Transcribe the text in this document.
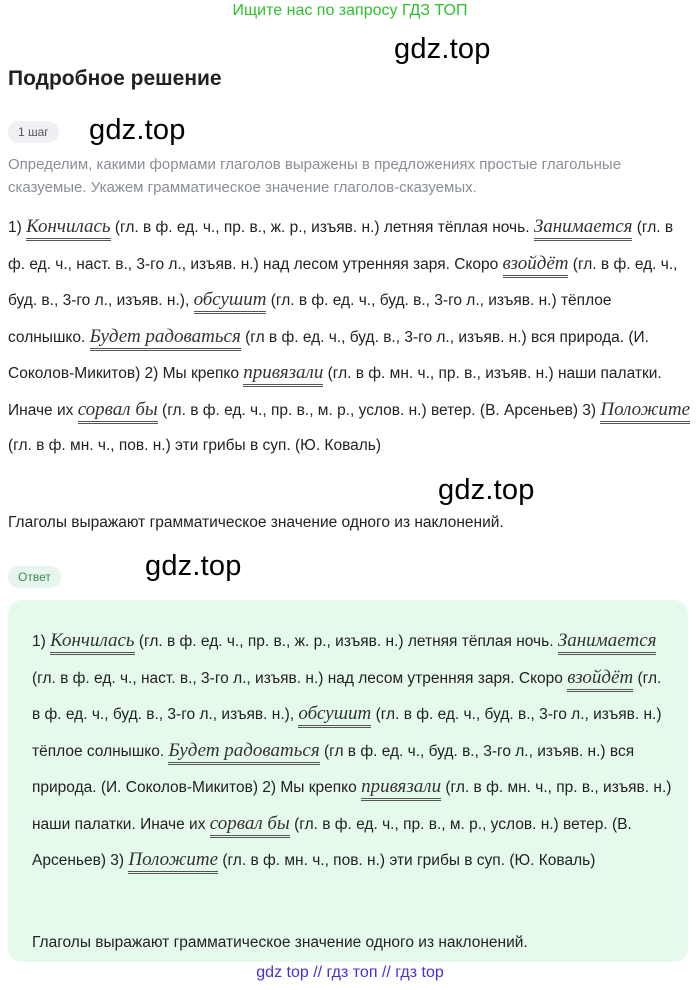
Ищите нас по запросу ГДЗ ТОП
gdz.top
gdz.top
gdz.top
gdz.top
Подробное решение
1 шаг
Определим, какими формами глаголов выражены в предложениях простые глагольные сказуемые. Укажем грамматическое значение глаголов-сказуемых.
1) Кончилась (гл. в ф. ед. ч., пр. в., ж. р., изъяв. н.) летняя тёплая ночь. Занимается (гл. в ф. ед. ч., наст. в., 3-го л., изъяв. н.) над лесом утренняя заря. Скоро взойдёт (гл. в ф. ед. ч., буд. в., 3-го л., изъяв. н.), обсушит (гл. в ф. ед. ч., буд. в., 3-го л., изъяв. н.) тёплое солнышко. Будет радоваться (гл в ф. ед. ч., буд. в., 3-го л., изъяв. н.) вся природа. (И. Соколов-Микитов) 2) Мы крепко привязали (гл. в ф. мн. ч., пр. в., изъяв. н.) наши палатки. Иначе их сорвал бы (гл. в ф. ед. ч., пр. в., м. р., услов. н.) ветер. (В. Арсеньев) 3) Положите (гл. в ф. мн. ч., пов. н.) эти грибы в суп. (Ю. Коваль)
Глаголы выражают грамматическое значение одного из наклонений.
Ответ
1) Кончилась (гл. в ф. ед. ч., пр. в., ж. р., изъяв. н.) летняя тёплая ночь. Занимается (гл. в ф. ед. ч., наст. в., 3-го л., изъяв. н.) над лесом утренняя заря. Скоро взойдёт (гл. в ф. ед. ч., буд. в., 3-го л., изъяв. н.), обсушит (гл. в ф. ед. ч., буд. в., 3-го л., изъяв. н.) тёплое солнышко. Будет радоваться (гл в ф. ед. ч., буд. в., 3-го л., изъяв. н.) вся природа. (И. Соколов-Микитов) 2) Мы крепко привязали (гл. в ф. мн. ч., пр. в., изъяв. н.) наши палатки. Иначе их сорвал бы (гл. в ф. ед. ч., пр. в., м. р., услов. н.) ветер. (В. Арсеньев) 3) Положите (гл. в ф. мн. ч., пов. н.) эти грибы в суп. (Ю. Коваль)
Глаголы выражают грамматическое значение одного из наклонений.
gdz top // гдз топ // гдз top
